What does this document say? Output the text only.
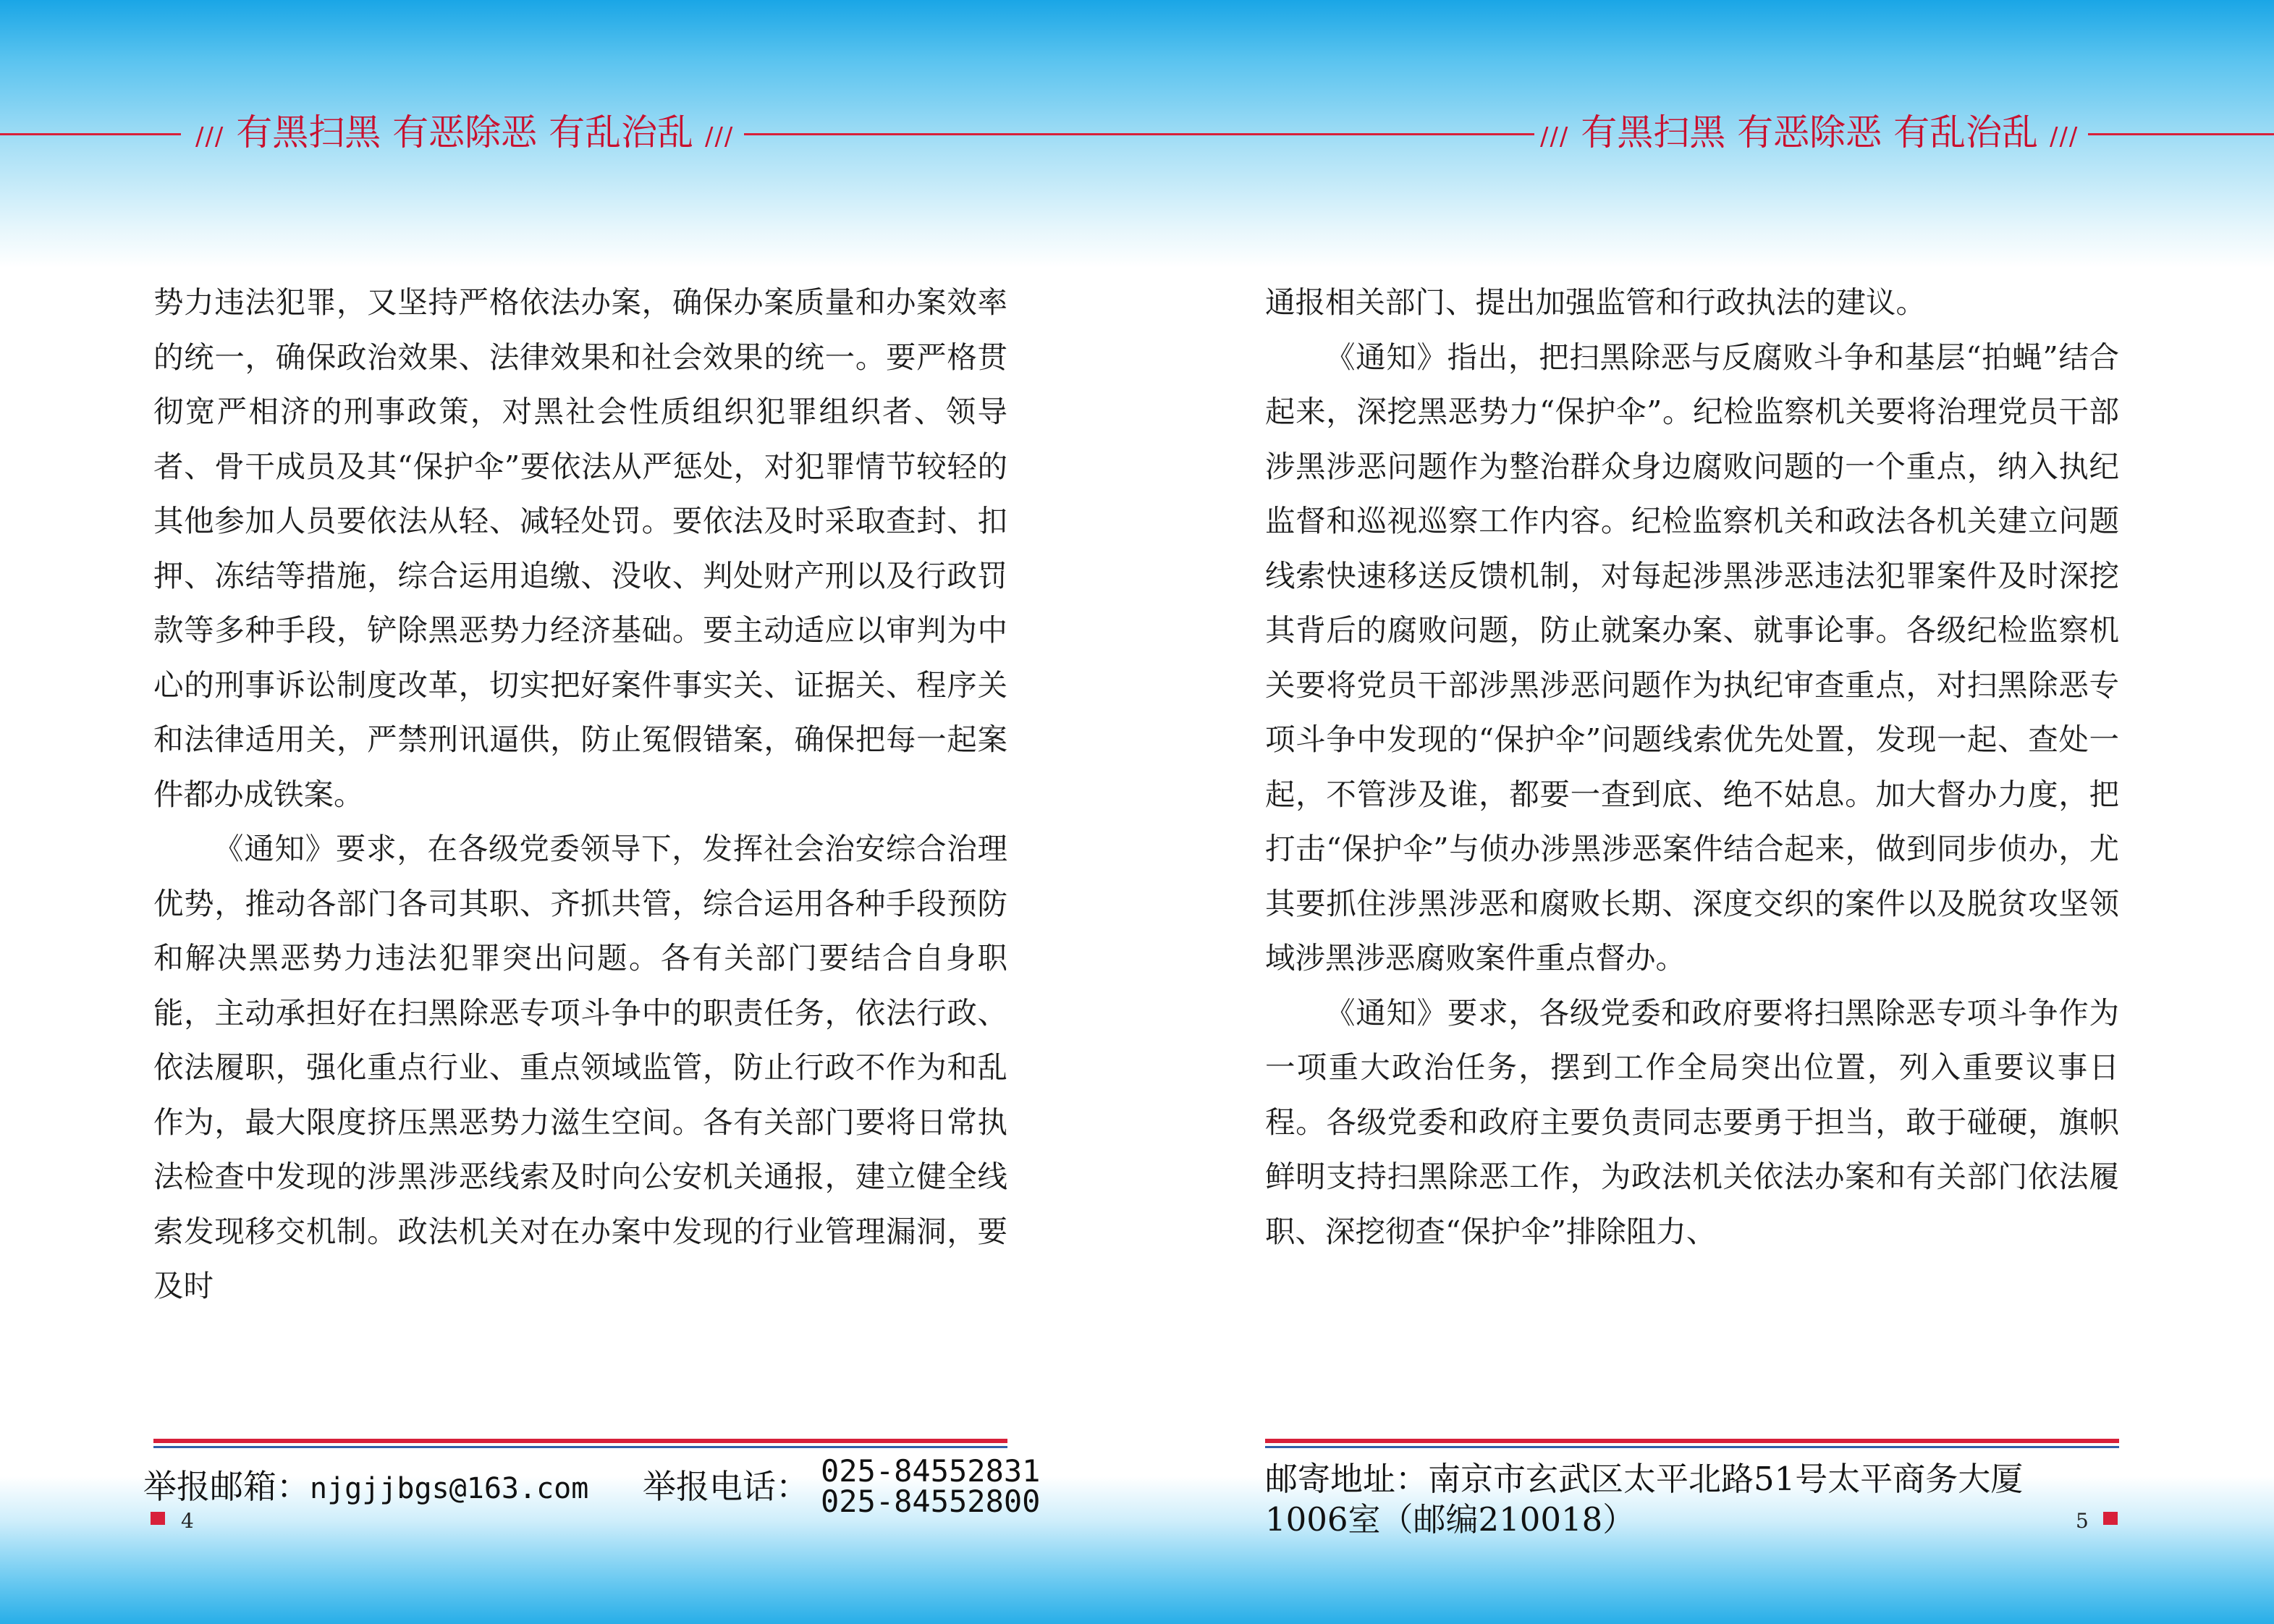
/// 有黑扫黑 有恶除恶 有乱治乱 ///	/// 有黑扫黑 有恶除恶 有乱治乱 ///

势力违法犯罪，又坚持严格依法办案，确保办案质量和办案效率的统一，确保政治效果、法律效果和社会效果的统一。要严格贯彻宽严相济的刑事政策，对黑社会性质组织犯罪组织者、领导者、骨干成员及其“保护伞”要依法从严惩处，对犯罪情节较轻的其他参加人员要依法从轻、减轻处罚。要依法及时采取查封、扣押、冻结等措施，综合运用追缴、没收、判处财产刑以及行政罚款等多种手段，铲除黑恶势力经济基础。要主动适应以审判为中心的刑事诉讼制度改革，切实把好案件事实关、证据关、程序关和法律适用关，严禁刑讯逼供，防止冤假错案，确保把每一起案件都办成铁案。

《通知》要求，在各级党委领导下，发挥社会治安综合治理优势，推动各部门各司其职、齐抓共管，综合运用各种手段预防和解决黑恶势力违法犯罪突出问题。各有关部门要结合自身职能，主动承担好在扫黑除恶专项斗争中的职责任务，依法行政、依法履职，强化重点行业、重点领域监管，防止行政不作为和乱作为，最大限度挤压黑恶势力滋生空间。各有关部门要将日常执法检查中发现的涉黑涉恶线索及时向公安机关通报，建立健全线索发现移交机制。政法机关对在办案中发现的行业管理漏洞，要及时

通报相关部门、提出加强监管和行政执法的建议。

《通知》指出，把扫黑除恶与反腐败斗争和基层“拍蝇”结合起来，深挖黑恶势力“保护伞”。纪检监察机关要将治理党员干部涉黑涉恶问题作为整治群众身边腐败问题的一个重点，纳入执纪监督和巡视巡察工作内容。纪检监察机关和政法各机关建立问题线索快速移送反馈机制，对每起涉黑涉恶违法犯罪案件及时深挖其背后的腐败问题，防止就案办案、就事论事。各级纪检监察机关要将党员干部涉黑涉恶问题作为执纪审查重点，对扫黑除恶专项斗争中发现的“保护伞”问题线索优先处置，发现一起、查处一起，不管涉及谁，都要一查到底、绝不姑息。加大督办力度，把打击“保护伞”与侦办涉黑涉恶案件结合起来，做到同步侦办，尤其要抓住涉黑涉恶和腐败长期、深度交织的案件以及脱贫攻坚领域涉黑涉恶腐败案件重点督办。

《通知》要求，各级党委和政府要将扫黑除恶专项斗争作为一项重大政治任务，摆到工作全局突出位置，列入重要议事日程。各级党委和政府主要负责同志要勇于担当，敢于碰硬，旗帜鲜明支持扫黑除恶工作，为政法机关依法办案和有关部门依法履职、深挖彻查“保护伞”排除阻力、

举报邮箱：njgjjbgs@163.com 举报电话： 025-84552831
025-84552800
邮寄地址：南京市玄武区太平北路51号太平商务大厦
1006室（邮编210018）
4	5
